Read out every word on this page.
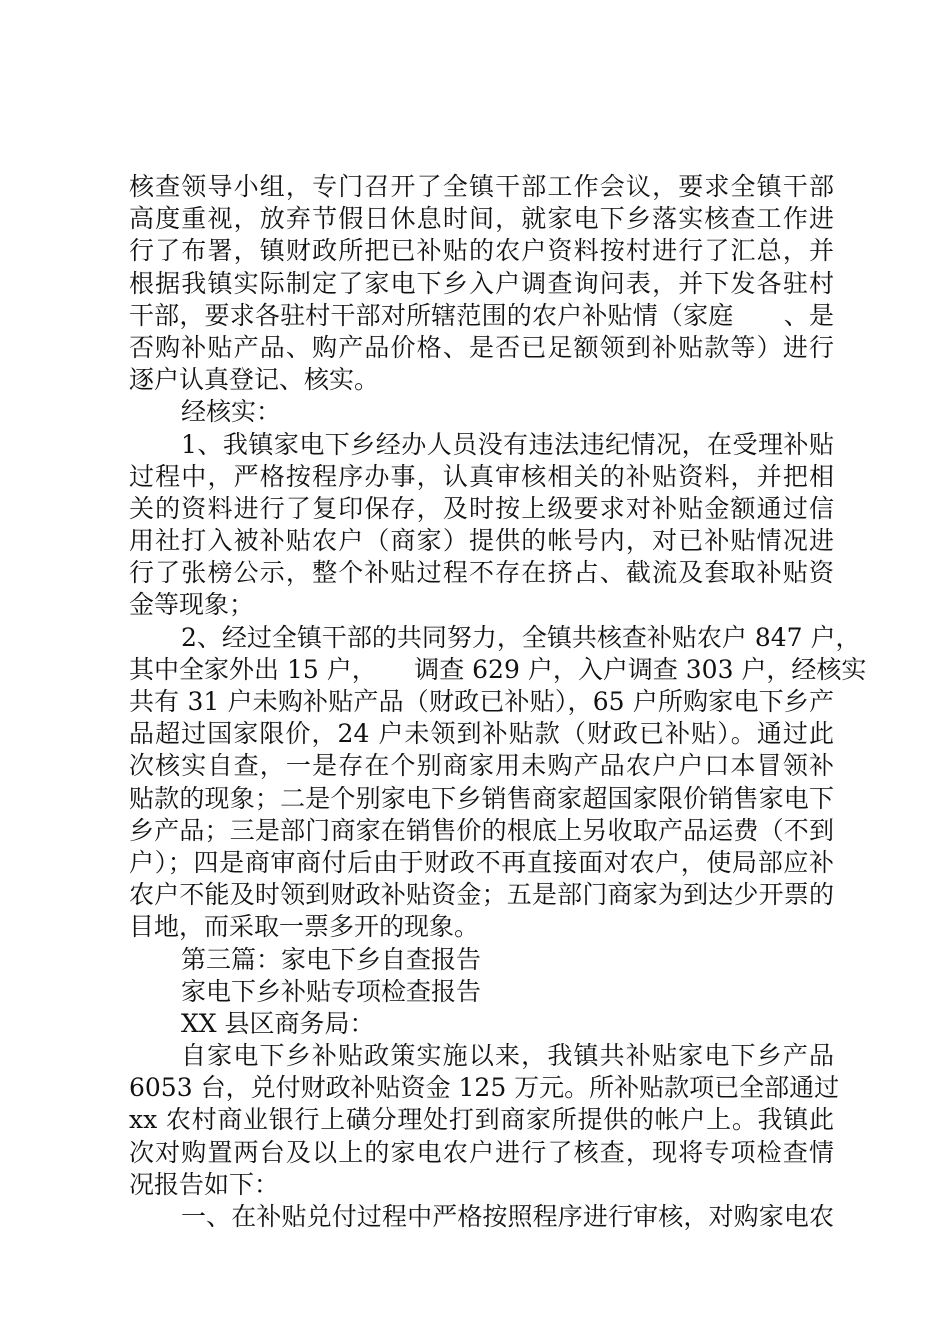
核查领导小组，专门召开了全镇干部工作会议，要求全镇干部
高度重视，放弃节假日休息时间，就家电下乡落实核查工作进
行了布署，镇财政所把已补贴的农户资料按村进行了汇总，并
根据我镇实际制定了家电下乡入户调查询问表，并下发各驻村
干部，要求各驻村干部对所辖范围的农户补贴情（家庭　　、是
否购补贴产品、购产品价格、是否已足额领到补贴款等）进行
逐户认真登记、核实。
经核实：
1、我镇家电下乡经办人员没有违法违纪情况，在受理补贴
过程中，严格按程序办事，认真审核相关的补贴资料，并把相
关的资料进行了复印保存，及时按上级要求对补贴金额通过信
用社打入被补贴农户（商家）提供的帐号内，对已补贴情况进
行了张榜公示，整个补贴过程不存在挤占、截流及套取补贴资
金等现象；
2、经过全镇干部的共同努力，全镇共核查补贴农户 847 户，
其中全家外出 15 户，　　调查 629 户，入户调查 303 户，经核实
共有 31 户未购补贴产品（财政已补贴），65 户所购家电下乡产
品超过国家限价，24 户未领到补贴款（财政已补贴）。通过此
次核实自查，一是存在个别商家用未购产品农户户口本冒领补
贴款的现象；二是个别家电下乡销售商家超国家限价销售家电下
乡产品；三是部门商家在销售价的根底上另收取产品运费（不到
户）；四是商审商付后由于财政不再直接面对农户，使局部应补
农户不能及时领到财政补贴资金；五是部门商家为到达少开票的
目地，而采取一票多开的现象。
第三篇：家电下乡自查报告
家电下乡补贴专项检查报告
XX 县区商务局：
自家电下乡补贴政策实施以来，我镇共补贴家电下乡产品
6053 台，兑付财政补贴资金 125 万元。所补贴款项已全部通过
xx 农村商业银行上磺分理处打到商家所提供的帐户上。我镇此
次对购置两台及以上的家电农户进行了核查，现将专项检查情
况报告如下：
一、在补贴兑付过程中严格按照程序进行审核，对购家电农
